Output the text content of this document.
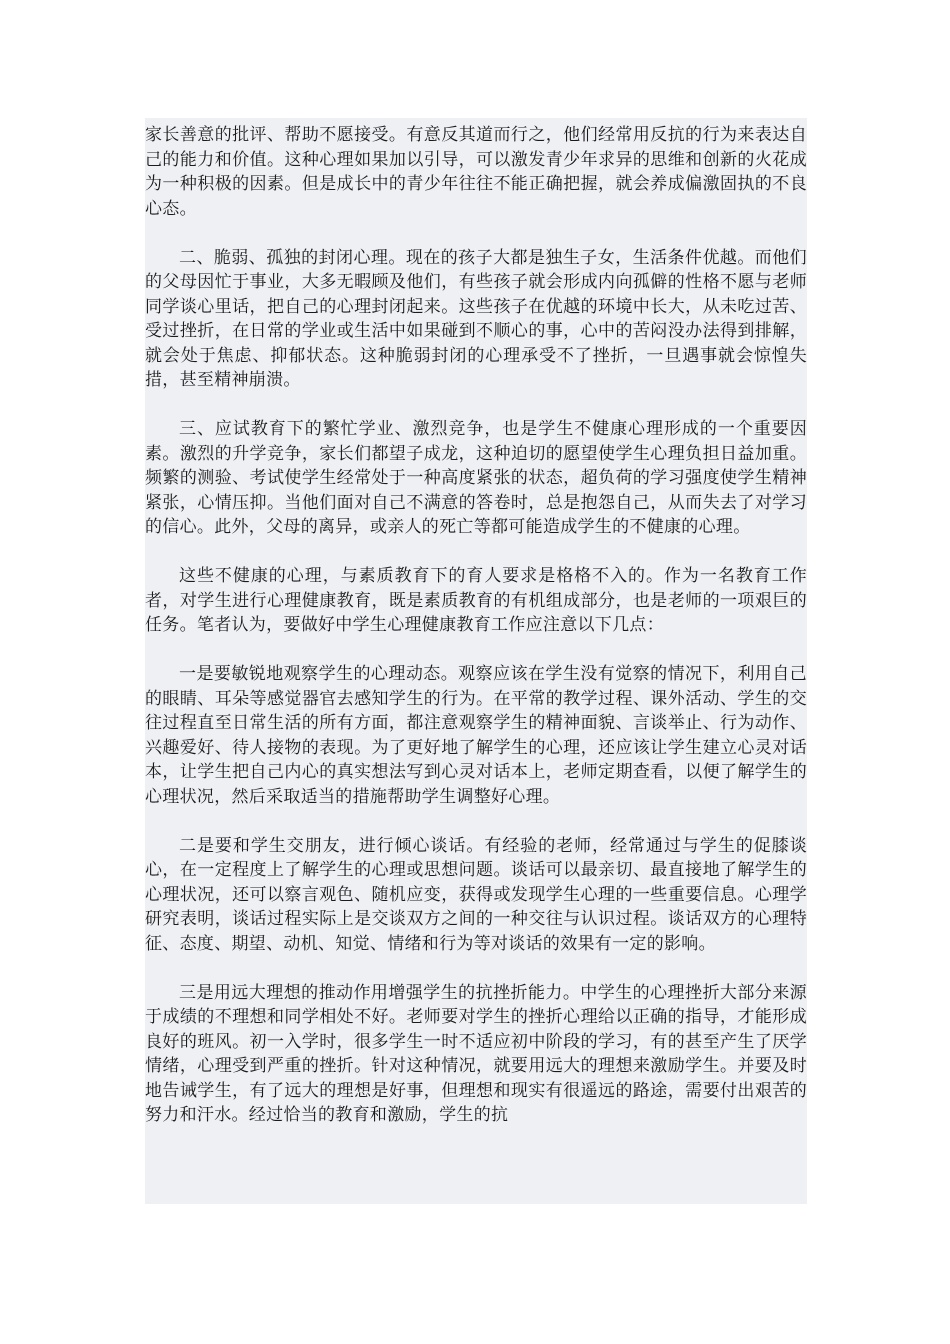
家长善意的批评、帮助不愿接受。有意反其道而行之，他们经常用反抗的行为来表达自己的能力和价值。这种心理如果加以引导，可以激发青少年求异的思维和创新的火花成为一种积极的因素。但是成长中的青少年往往不能正确把握，就会养成偏激固执的不良心态。

二、脆弱、孤独的封闭心理。现在的孩子大都是独生子女，生活条件优越。而他们的父母因忙于事业，大多无暇顾及他们，有些孩子就会形成内向孤僻的性格不愿与老师同学谈心里话，把自己的心理封闭起来。这些孩子在优越的环境中长大，从未吃过苦、受过挫折，在日常的学业或生活中如果碰到不顺心的事，心中的苦闷没办法得到排解，就会处于焦虑、抑郁状态。这种脆弱封闭的心理承受不了挫折，一旦遇事就会惊惶失措，甚至精神崩溃。

三、应试教育下的繁忙学业、激烈竞争，也是学生不健康心理形成的一个重要因素。激烈的升学竞争，家长们都望子成龙，这种迫切的愿望使学生心理负担日益加重。频繁的测验、考试使学生经常处于一种高度紧张的状态，超负荷的学习强度使学生精神紧张，心情压抑。当他们面对自己不满意的答卷时，总是抱怨自己，从而失去了对学习的信心。此外，父母的离异，或亲人的死亡等都可能造成学生的不健康的心理。

这些不健康的心理，与素质教育下的育人要求是格格不入的。作为一名教育工作者，对学生进行心理健康教育，既是素质教育的有机组成部分，也是老师的一项艰巨的任务。笔者认为，要做好中学生心理健康教育工作应注意以下几点：

一是要敏锐地观察学生的心理动态。观察应该在学生没有觉察的情况下，利用自己的眼睛、耳朵等感觉器官去感知学生的行为。在平常的教学过程、课外活动、学生的交往过程直至日常生活的所有方面，都注意观察学生的精神面貌、言谈举止、行为动作、兴趣爱好、待人接物的表现。为了更好地了解学生的心理，还应该让学生建立心灵对话本，让学生把自己内心的真实想法写到心灵对话本上，老师定期查看，以便了解学生的心理状况，然后采取适当的措施帮助学生调整好心理。

二是要和学生交朋友，进行倾心谈话。有经验的老师，经常通过与学生的促膝谈心，在一定程度上了解学生的心理或思想问题。谈话可以最亲切、最直接地了解学生的心理状况，还可以察言观色、随机应变，获得或发现学生心理的一些重要信息。心理学研究表明，谈话过程实际上是交谈双方之间的一种交往与认识过程。谈话双方的心理特征、态度、期望、动机、知觉、情绪和行为等对谈话的效果有一定的影响。

三是用远大理想的推动作用增强学生的抗挫折能力。中学生的心理挫折大部分来源于成绩的不理想和同学相处不好。老师要对学生的挫折心理给以正确的指导，才能形成良好的班风。初一入学时，很多学生一时不适应初中阶段的学习，有的甚至产生了厌学情绪，心理受到严重的挫折。针对这种情况，就要用远大的理想来激励学生。并要及时地告诫学生，有了远大的理想是好事，但理想和现实有很遥远的路途，需要付出艰苦的努力和汗水。经过恰当的教育和激励，学生的抗
